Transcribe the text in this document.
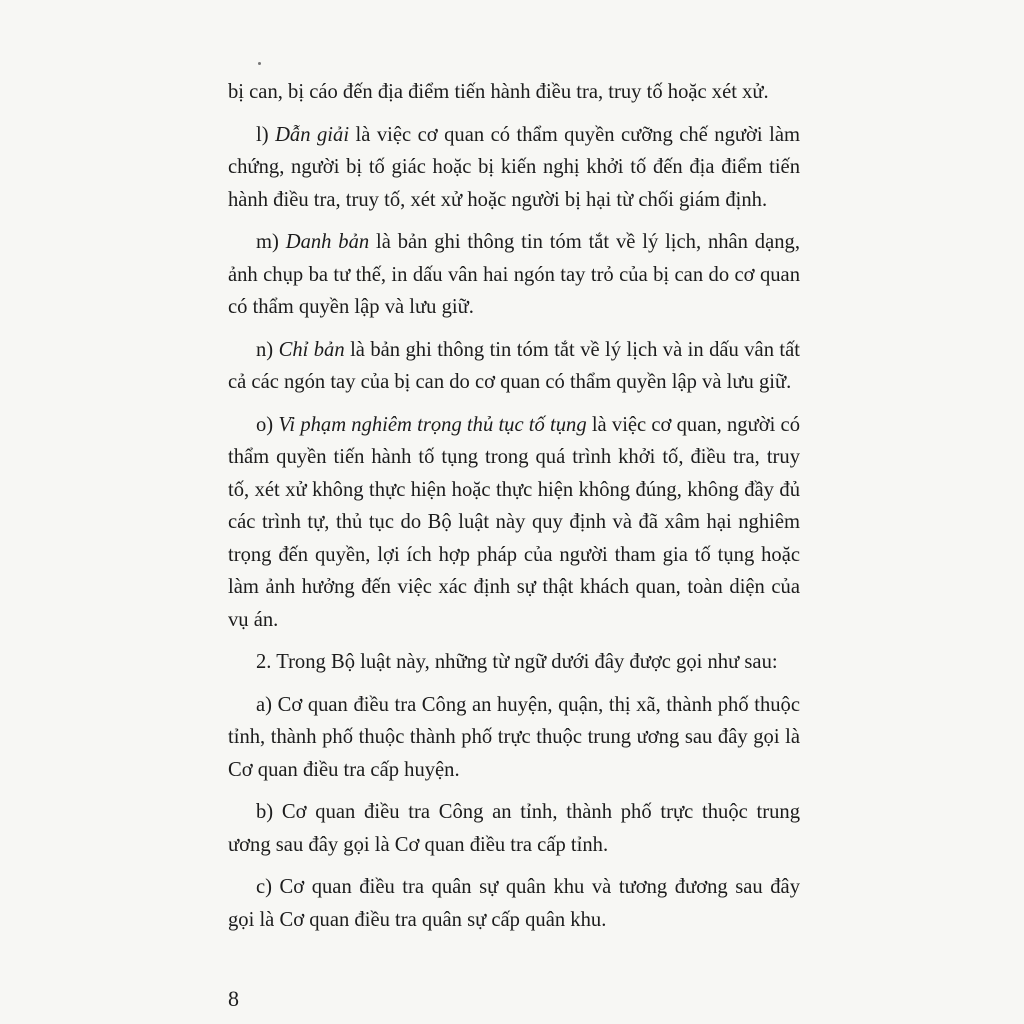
bị can, bị cáo đến địa điểm tiến hành điều tra, truy tố hoặc xét xử.

l) Dẫn giải là việc cơ quan có thẩm quyền cưỡng chế người làm chứng, người bị tố giác hoặc bị kiến nghị khởi tố đến địa điểm tiến hành điều tra, truy tố, xét xử hoặc người bị hại từ chối giám định.

m) Danh bản là bản ghi thông tin tóm tắt về lý lịch, nhân dạng, ảnh chụp ba tư thế, in dấu vân hai ngón tay trỏ của bị can do cơ quan có thẩm quyền lập và lưu giữ.

n) Chỉ bản là bản ghi thông tin tóm tắt về lý lịch và in dấu vân tất cả các ngón tay của bị can do cơ quan có thẩm quyền lập và lưu giữ.

o) Vi phạm nghiêm trọng thủ tục tố tụng là việc cơ quan, người có thẩm quyền tiến hành tố tụng trong quá trình khởi tố, điều tra, truy tố, xét xử không thực hiện hoặc thực hiện không đúng, không đầy đủ các trình tự, thủ tục do Bộ luật này quy định và đã xâm hại nghiêm trọng đến quyền, lợi ích hợp pháp của người tham gia tố tụng hoặc làm ảnh hưởng đến việc xác định sự thật khách quan, toàn diện của vụ án.

2. Trong Bộ luật này, những từ ngữ dưới đây được gọi như sau:

a) Cơ quan điều tra Công an huyện, quận, thị xã, thành phố thuộc tỉnh, thành phố thuộc thành phố trực thuộc trung ương sau đây gọi là Cơ quan điều tra cấp huyện.

b) Cơ quan điều tra Công an tỉnh, thành phố trực thuộc trung ương sau đây gọi là Cơ quan điều tra cấp tỉnh.

c) Cơ quan điều tra quân sự quân khu và tương đương sau đây gọi là Cơ quan điều tra quân sự cấp quân khu.

8
